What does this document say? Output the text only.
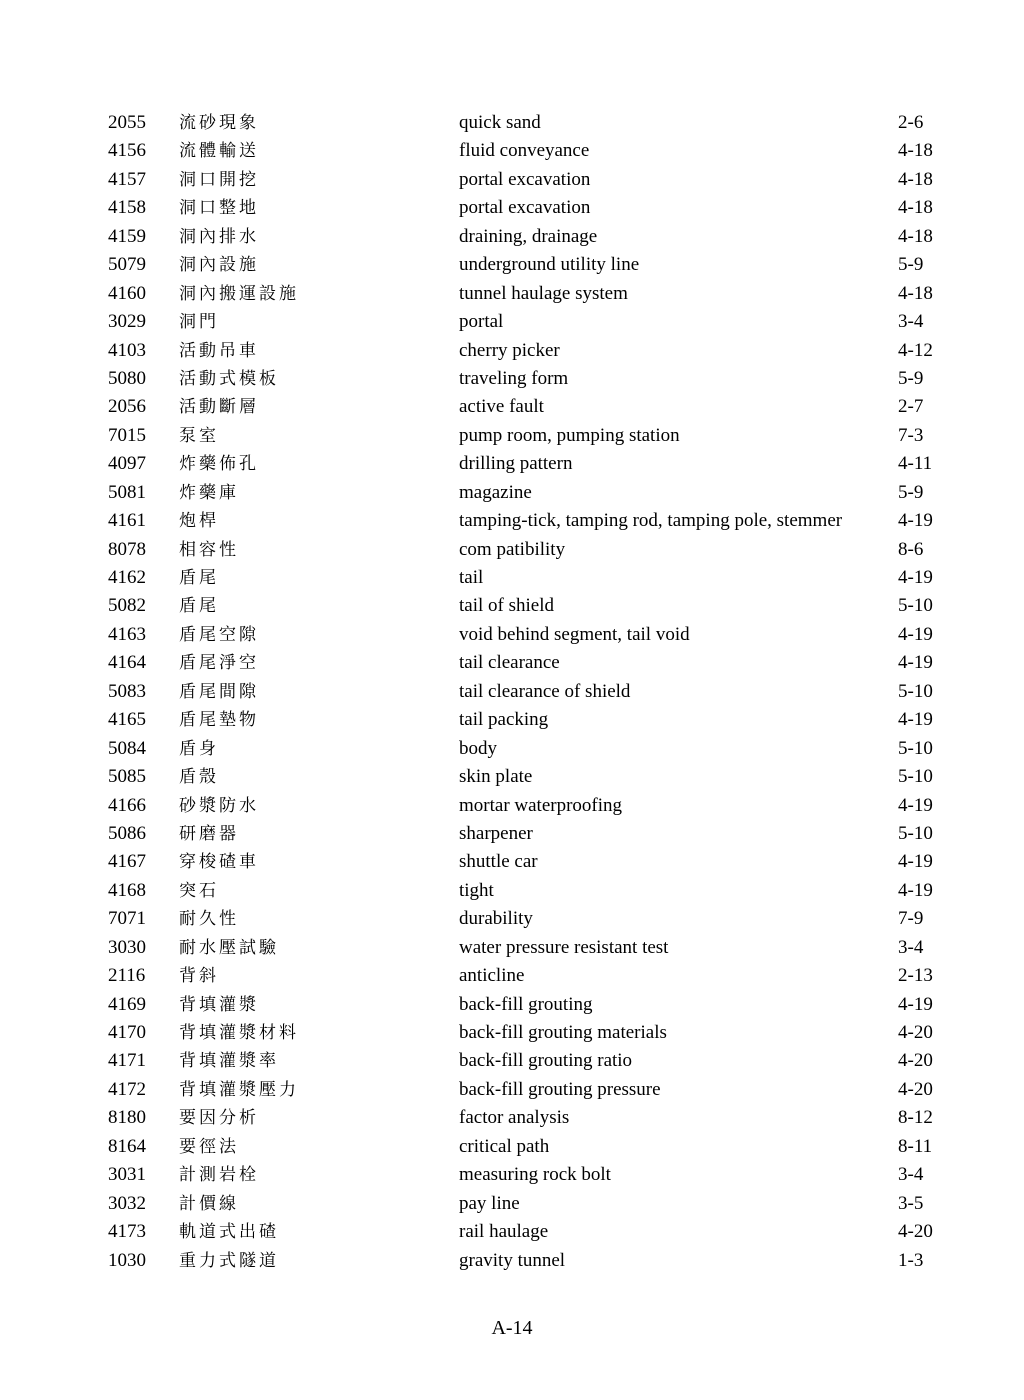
2055 流砂現象	quick sand	2-6
4156 流體輸送	fluid conveyance	4-18
4157 洞口開挖	portal excavation	4-18
4158 洞口整地	portal excavation	4-18
4159 洞內排水	draining, drainage	4-18
5079 洞內設施	underground utility line	5-9
4160 洞內搬運設施	tunnel haulage system	4-18
3029 洞門	portal	3-4
4103 活動吊車	cherry picker	4-12
5080 活動式模板	traveling form	5-9
2056 活動斷層	active fault	2-7
7015 泵室	pump room, pumping station	7-3
4097 炸藥佈孔	drilling pattern	4-11
5081 炸藥庫	magazine	5-9
4161 炮桿	tamping-tick, tamping rod, tamping pole, stemmer	4-19
8078 相容性	com patibility	8-6
4162 盾尾	tail	4-19
5082 盾尾	tail of shield	5-10
4163 盾尾空隙	void behind segment, tail void	4-19
4164 盾尾淨空	tail clearance	4-19
5083 盾尾間隙	tail clearance of shield	5-10
4165 盾尾墊物	tail packing	4-19
5084 盾身	body	5-10
5085 盾殼	skin plate	5-10
4166 砂漿防水	mortar waterproofing	4-19
5086 研磨器	sharpener	5-10
4167 穿梭碴車	shuttle car	4-19
4168 突石	tight	4-19
7071 耐久性	durability	7-9
3030 耐水壓試驗	water pressure resistant test	3-4
2116 背斜	anticline	2-13
4169 背填灌漿	back-fill grouting	4-19
4170 背填灌漿材料	back-fill grouting materials	4-20
4171 背填灌漿率	back-fill grouting ratio	4-20
4172 背填灌漿壓力	back-fill grouting pressure	4-20
8180 要因分析	factor analysis	8-12
8164 要徑法	critical path	8-11
3031 計測岩栓	measuring rock bolt	3-4
3032 計價線	pay line	3-5
4173 軌道式出碴	rail haulage	4-20
1030 重力式隧道	gravity tunnel	1-3
A-14
